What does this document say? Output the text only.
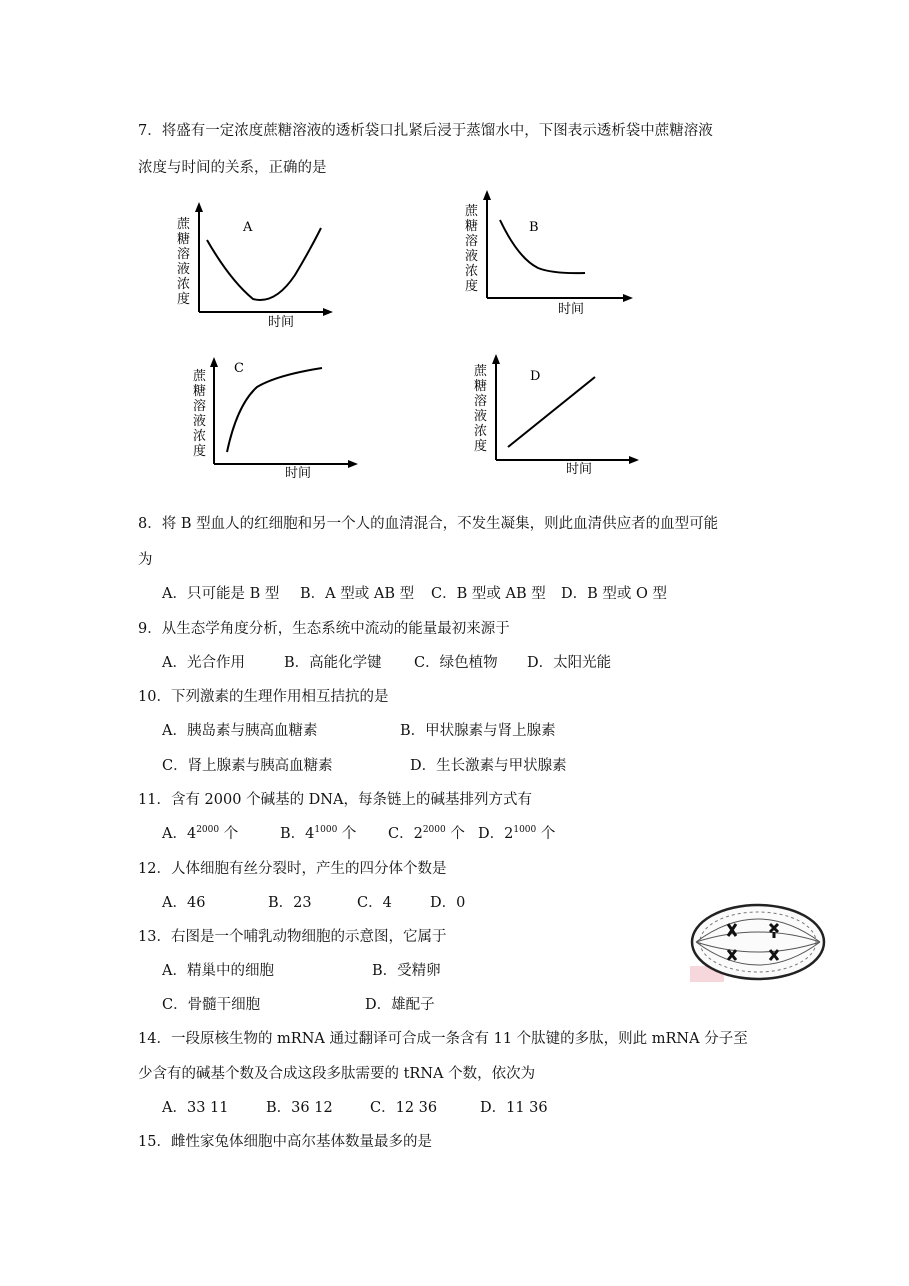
7．将盛有一定浓度蔗糖溶液的透析袋口扎紧后浸于蒸馏水中，下图表示透析袋中蔗糖溶液
浓度与时间的关系，正确的是
A
蔗
糖
溶
液
浓
度
时间
B
蔗
糖
溶
液
浓
度
时间
C
蔗
糖
溶
液
浓
度
时间
D
蔗
糖
溶
液
浓
度
时间
8．将 B 型血人的红细胞和另一个人的血清混合，不发生凝集，则此血清供应者的血型可能
为
A．只可能是 B 型 B．A 型或 AB 型 C．B 型或 AB 型 D．B 型或 O 型
9．从生态学角度分析，生态系统中流动的能量最初来源于
A．光合作用	B．高能化学键 C．绿色植物 D．太阳光能
10．下列激素的生理作用相互拮抗的是
A．胰岛素与胰高血糖素	B．甲状腺素与肾上腺素
C．肾上腺素与胰高血糖素	D．生长激素与甲状腺素
11．含有 2000 个碱基的 DNA，每条链上的碱基排列方式有
A．$4^{2000}$ 个	B．$4^{1000}$ 个 C．$2^{2000}$ 个 D．$2^{1000}$ 个
12．人体细胞有丝分裂时，产生的四分体个数是
A．46	B．23	C．4	D．0
13．右图是一个哺乳动物细胞的示意图，它属于
A．精巢中的细胞	B．受精卵
C．骨髓干细胞	D．雄配子
14．一段原核生物的 mRNA 通过翻译可合成一条含有 11 个肽键的多肽，则此 mRNA 分子至
少含有的碱基个数及合成这段多肽需要的 tRNA 个数，依次为
A．33 11	B．36 12	C．12 36	D．11 36
15．雌性家兔体细胞中高尔基体数量最多的是
